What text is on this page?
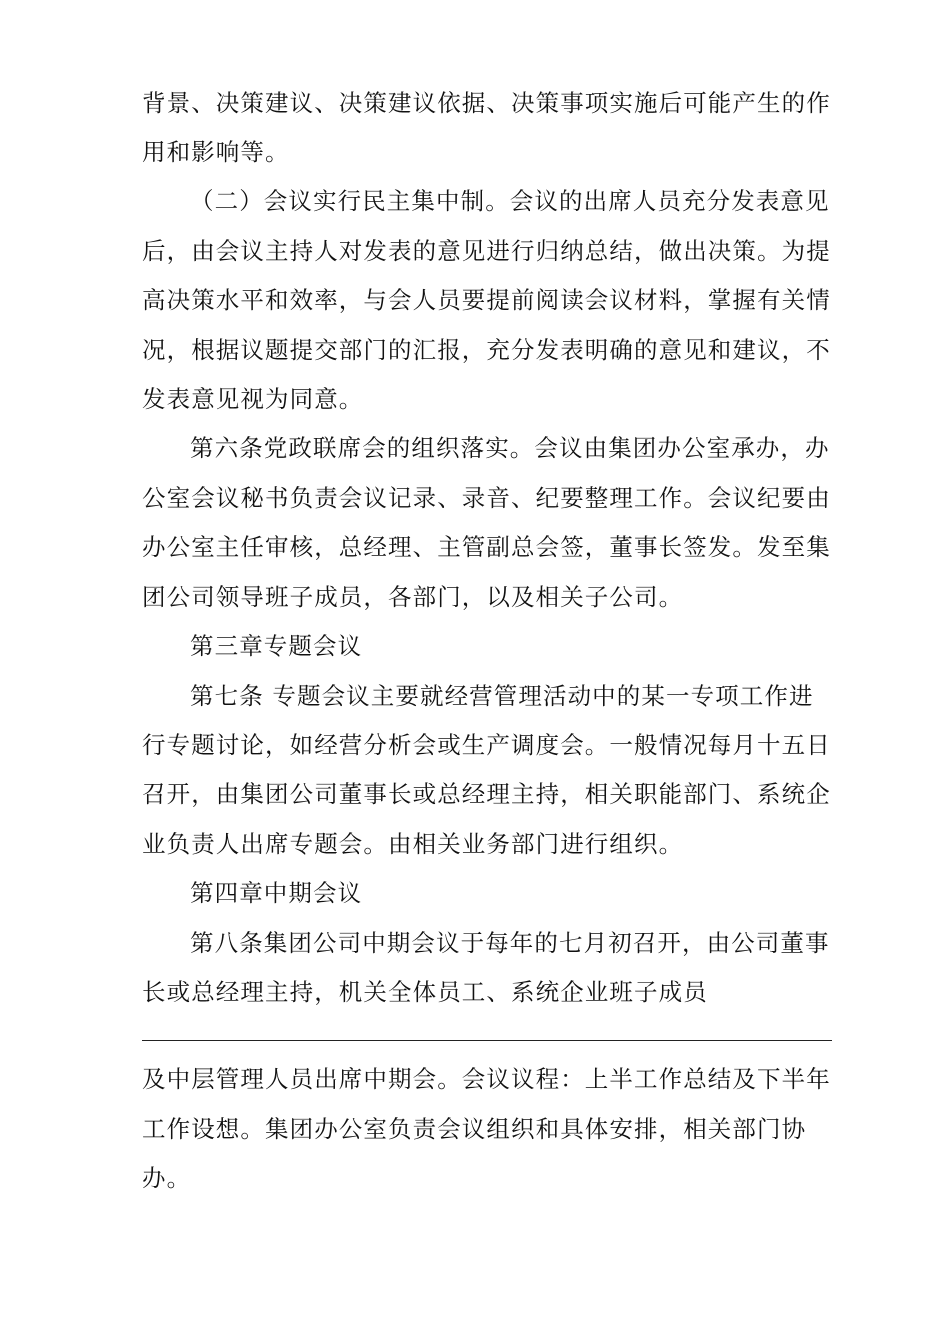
背景、决策建议、决策建议依据、决策事项实施后可能产生的作
用和影响等。
（二）会议实行民主集中制。会议的出席人员充分发表意见
后，由会议主持人对发表的意见进行归纳总结，做出决策。为提
高决策水平和效率，与会人员要提前阅读会议材料，掌握有关情
况，根据议题提交部门的汇报，充分发表明确的意见和建议，不
发表意见视为同意。
第六条党政联席会的组织落实。会议由集团办公室承办，办
公室会议秘书负责会议记录、录音、纪要整理工作。会议纪要由
办公室主任审核，总经理、主管副总会签，董事长签发。发至集
团公司领导班子成员，各部门，以及相关子公司。
第三章专题会议
第七条 专题会议主要就经营管理活动中的某一专项工作进
行专题讨论，如经营分析会或生产调度会。一般情况每月十五日
召开，由集团公司董事长或总经理主持，相关职能部门、系统企
业负责人出席专题会。由相关业务部门进行组织。
第四章中期会议
第八条集团公司中期会议于每年的七月初召开，由公司董事
长或总经理主持，机关全体员工、系统企业班子成员
及中层管理人员出席中期会。会议议程：上半工作总结及下半年
工作设想。集团办公室负责会议组织和具体安排，相关部门协
办。
